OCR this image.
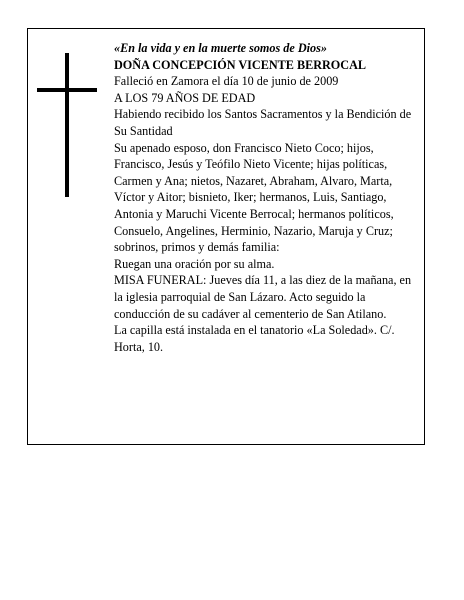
«En la vida y en la muerte somos de Dios»

DOÑA CONCEPCIÓN VICENTE BERROCAL

Falleció en Zamora el día 10 de junio de 2009

A LOS 79 AÑOS DE EDAD

Habiendo recibido los Santos Sacramentos y la Bendición de Su Santidad

Su apenado esposo, don Francisco Nieto Coco; hijos, Francisco, Jesús y Teófilo Nieto Vicente; hijas políticas, Carmen y Ana; nietos, Nazaret, Abraham, Alvaro, Marta, Víctor y Aitor; bisnieto, Iker; hermanos, Luis, Santiago, Antonia y Maruchi Vicente Berrocal; hermanos políticos, Consuelo, Angelines, Herminio, Nazario, Maruja y Cruz; sobrinos, primos y demás familia:

Ruegan una oración por su alma.

MISA FUNERAL: Jueves día 11, a las diez de la mañana, en la iglesia parroquial de San Lázaro. Acto seguido la conducción de su cadáver al cementerio de San Atilano.

La capilla está instalada en el tanatorio «La Soledad». C/. Horta, 10.
